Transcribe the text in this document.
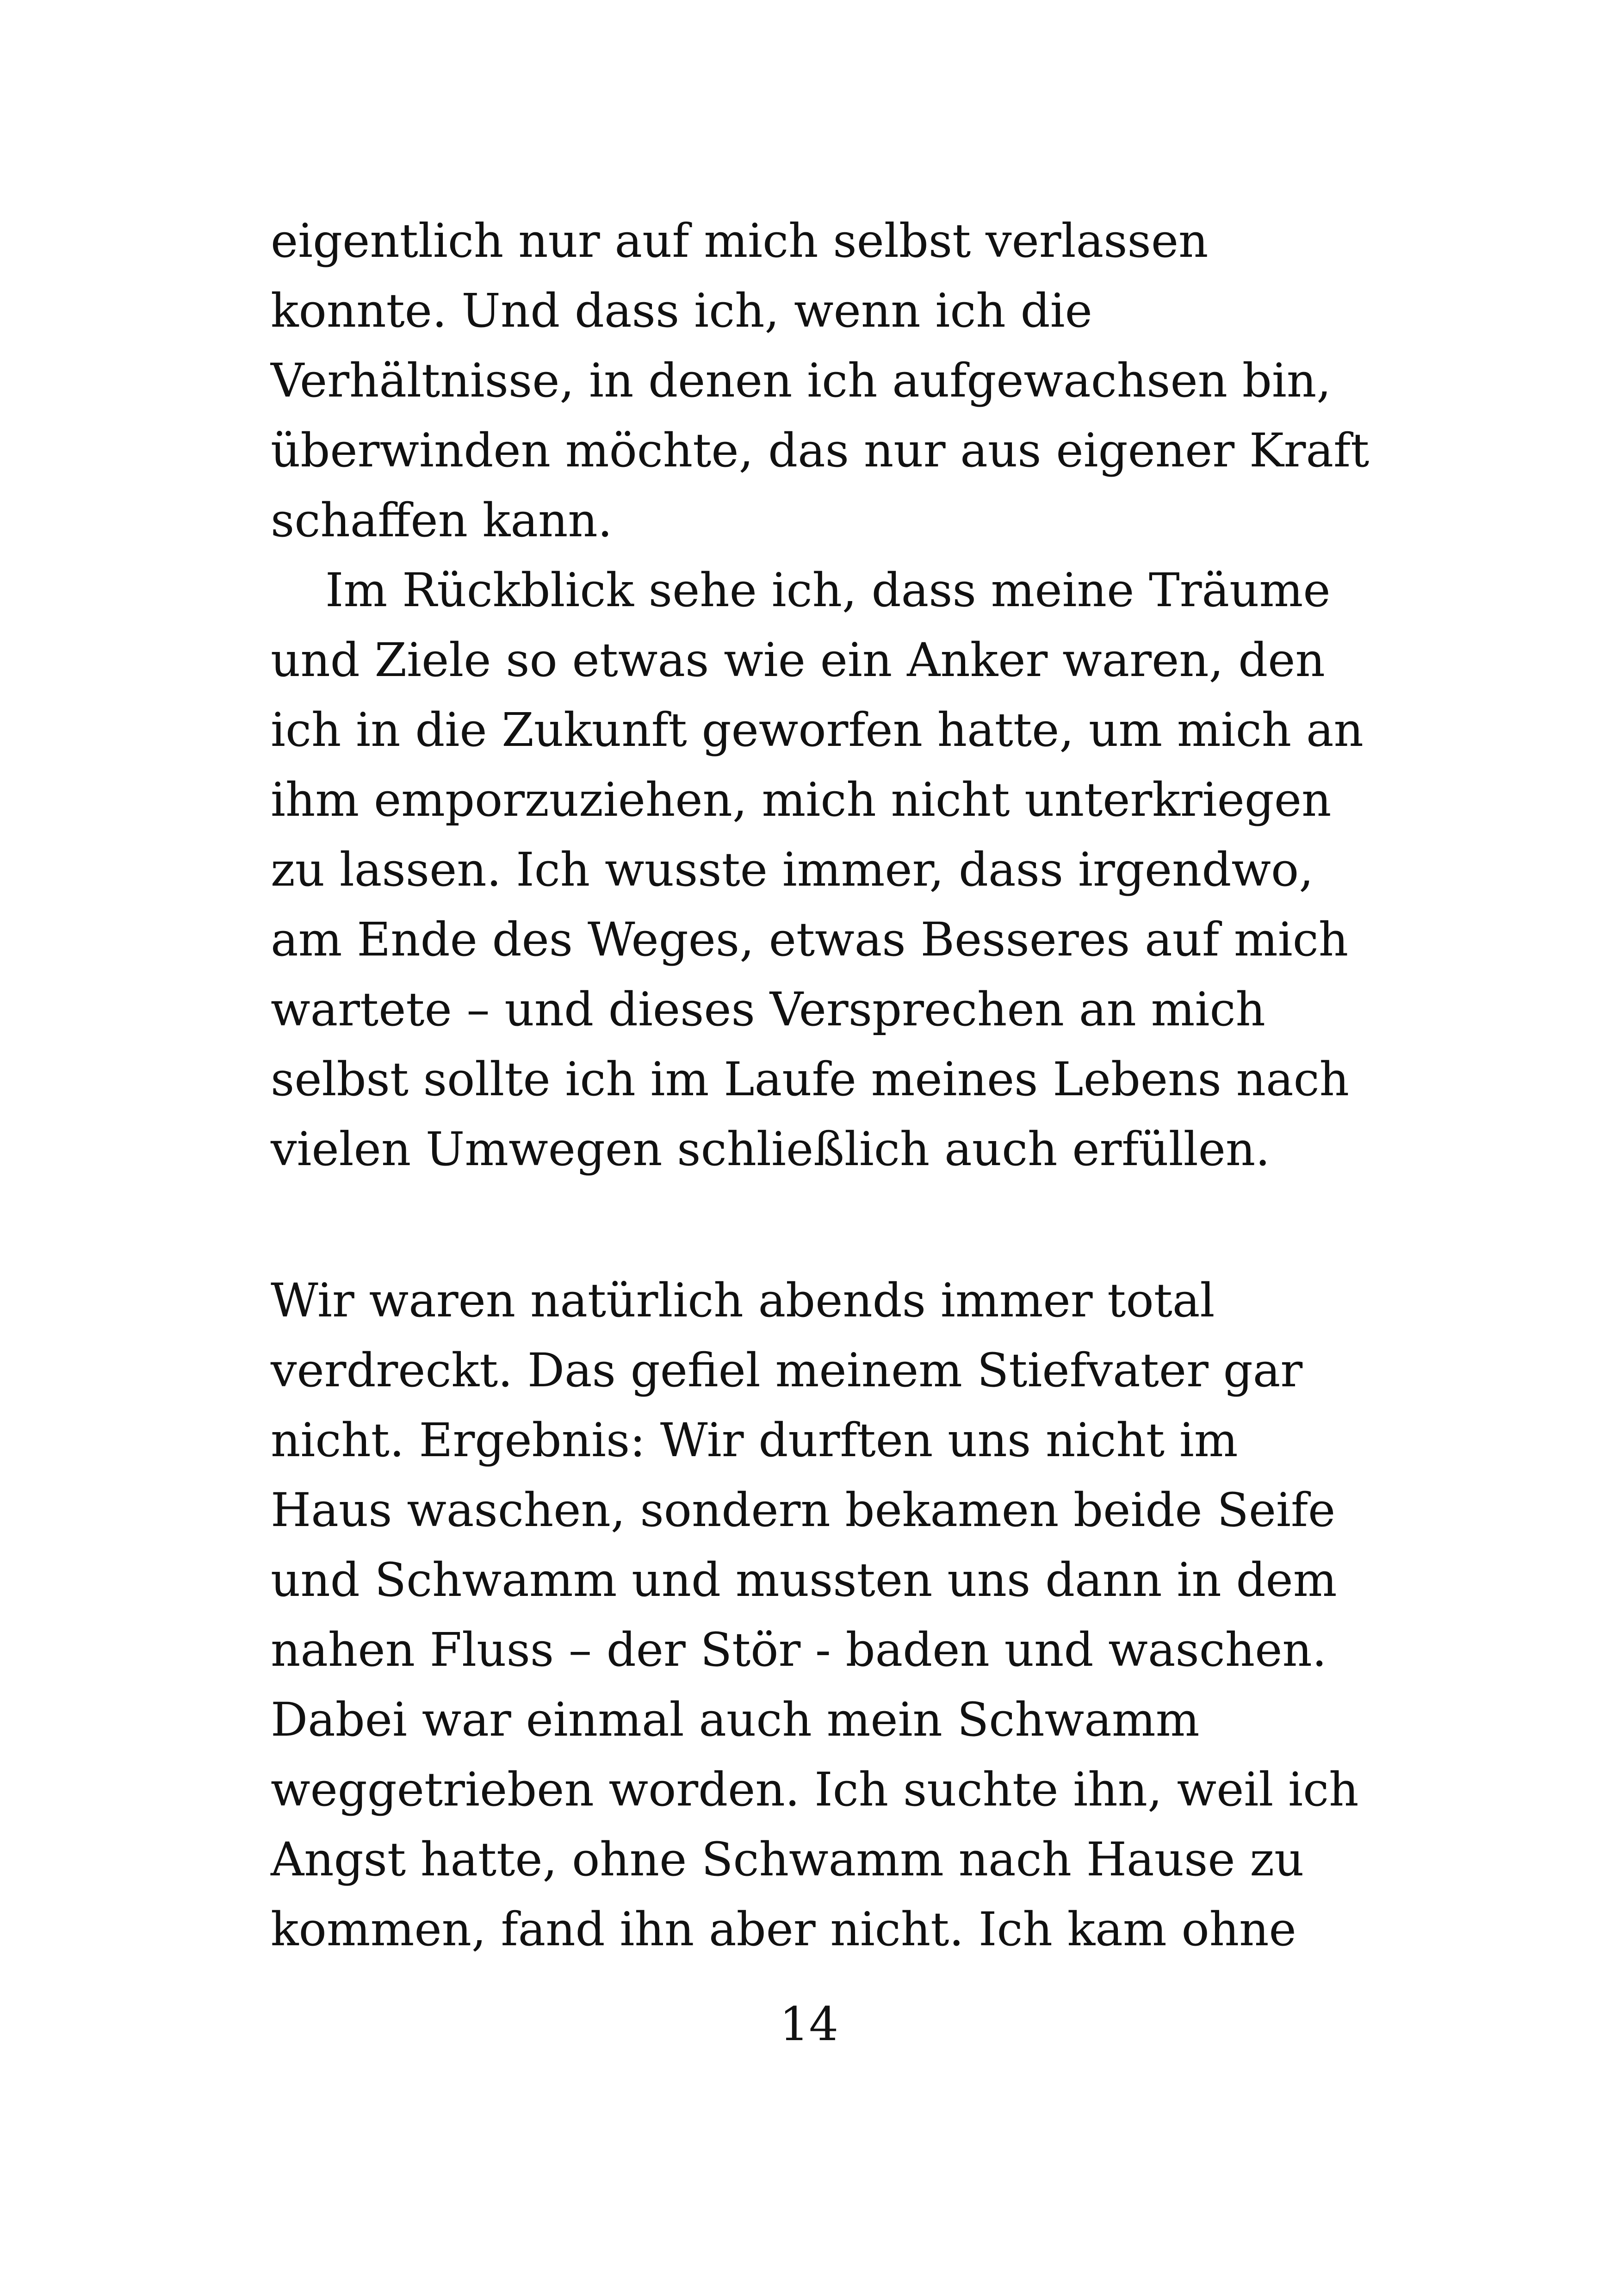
eigentlich nur auf mich selbst verlassen
konnte. Und dass ich, wenn ich die
Verhältnisse, in denen ich aufgewachsen bin,
überwinden möchte, das nur aus eigener Kraft
schaffen kann.
Im Rückblick sehe ich, dass meine Träume
und Ziele so etwas wie ein Anker waren, den
ich in die Zukunft geworfen hatte, um mich an
ihm emporzuziehen, mich nicht unterkriegen
zu lassen. Ich wusste immer, dass irgendwo,
am Ende des Weges, etwas Besseres auf mich
wartete – und dieses Versprechen an mich
selbst sollte ich im Laufe meines Lebens nach
vielen Umwegen schließlich auch erfüllen.
Wir waren natürlich abends immer total
verdreckt. Das gefiel meinem Stiefvater gar
nicht. Ergebnis: Wir durften uns nicht im
Haus waschen, sondern bekamen beide Seife
und Schwamm und mussten uns dann in dem
nahen Fluss – der Stör - baden und waschen.
Dabei war einmal auch mein Schwamm
weggetrieben worden. Ich suchte ihn, weil ich
Angst hatte, ohne Schwamm nach Hause zu
kommen, fand ihn aber nicht. Ich kam ohne
14
